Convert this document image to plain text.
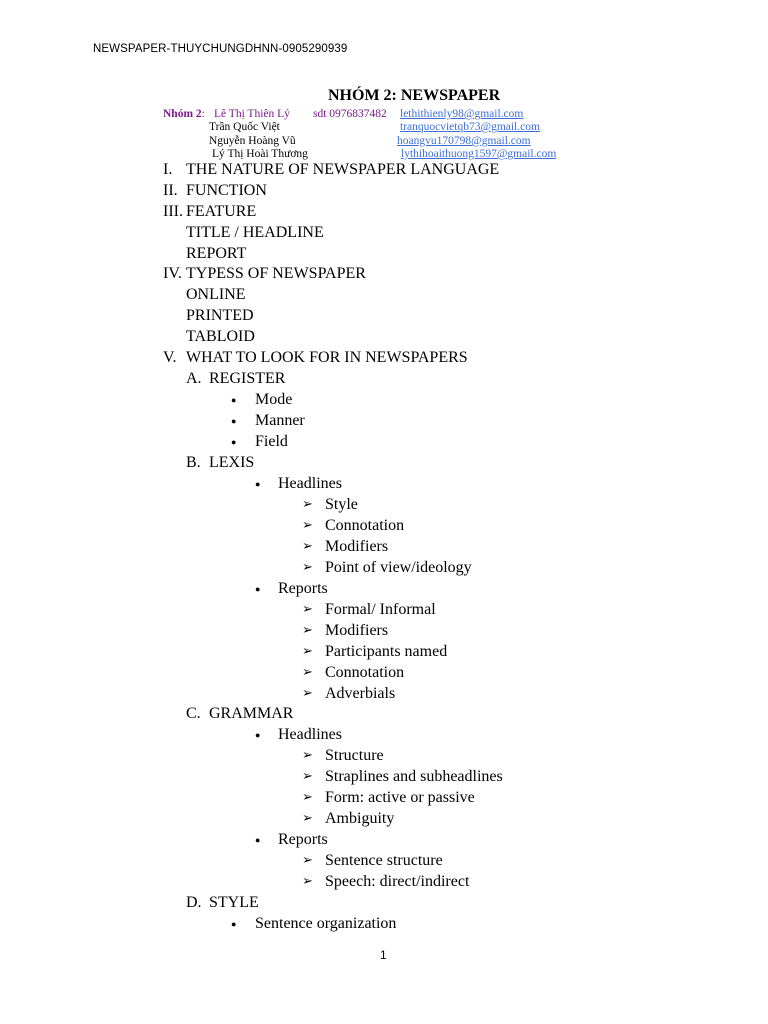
NEWSPAPER-THUYCHUNGDHNN-0905290939
NHÓM 2: NEWSPAPER
Nhóm 2: Lê Thị Thiên Lý sdt 0976837482 lethithienly98@gmail.com
Trần Quốc Việt	tranquocvietqb73@gmail.com
Nguyễn Hoàng Vũ	hoangvu170798@gmail.com
Lý Thị Hoài Thương	lythihoaithuong1597@gmail.com
I. THE NATURE OF NEWSPAPER LANGUAGE
II. FUNCTION
III. FEATURE
TITLE / HEADLINE
REPORT
IV. TYPESS OF NEWSPAPER
ONLINE
PRINTED
TABLOID
V. WHAT TO LOOK FOR IN NEWSPAPERS
A. REGISTER
● Mode
● Manner
● Field
B. LEXIS
● Headlines
➢ Style
➢ Connotation
➢ Modifiers
➢ Point of view/ideology
● Reports
➢ Formal/ Informal
➢ Modifiers
➢ Participants named
➢ Connotation
➢ Adverbials
C. GRAMMAR
● Headlines
➢ Structure
➢ Straplines and subheadlines
➢ Form: active or passive
➢ Ambiguity
● Reports
➢ Sentence structure
➢ Speech: direct/indirect
D. STYLE
● Sentence organization
1
